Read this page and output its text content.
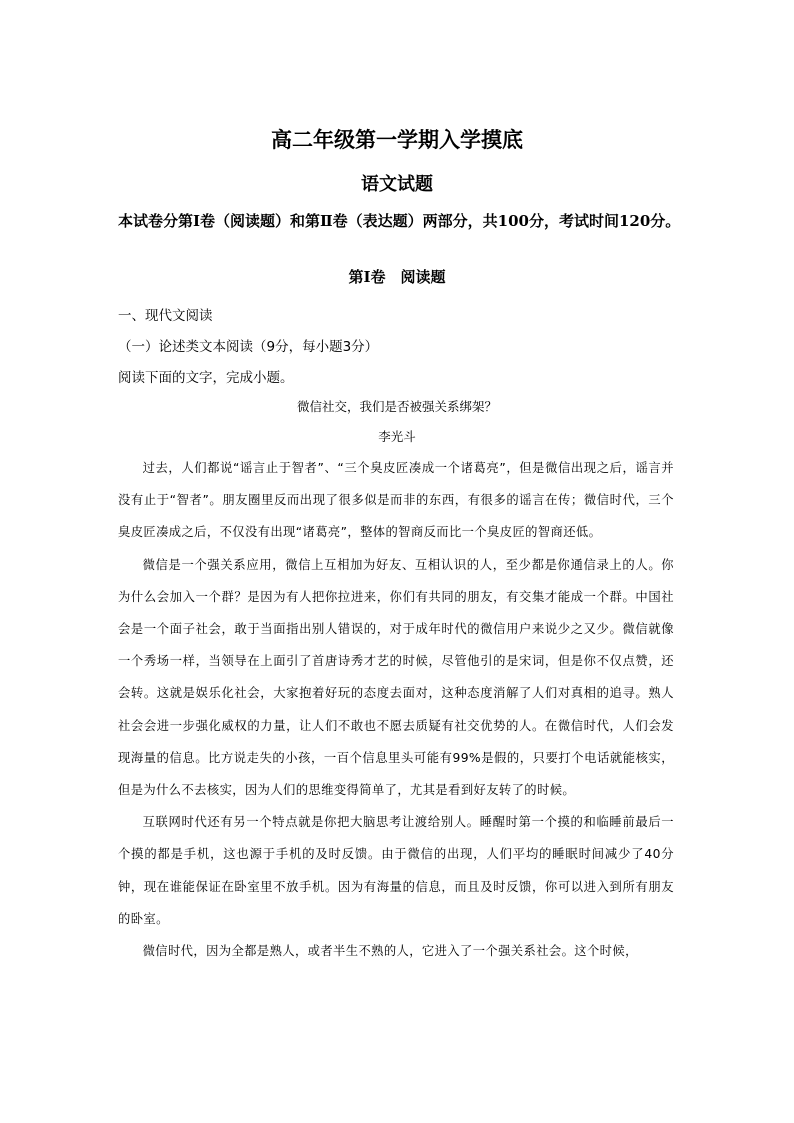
高二年级第一学期入学摸底
语文试题
本试卷分第Ⅰ卷（阅读题）和第Ⅱ卷（表达题）两部分，共100分，考试时间120分。
第Ⅰ卷　阅读题
一、现代文阅读
（一）论述类文本阅读（9分，每小题3分）
阅读下面的文字，完成小题。
微信社交，我们是否被强关系绑架？
李光斗

过去，人们都说“谣言止于智者”、“三个臭皮匠凑成一个诸葛亮”，但是微信出现之后，谣言并没有止于“智者”。朋友圈里反而出现了很多似是而非的东西，有很多的谣言在传；微信时代，三个臭皮匠凑成之后，不仅没有出现“诸葛亮”，整体的智商反而比一个臭皮匠的智商还低。

微信是一个强关系应用，微信上互相加为好友、互相认识的人，至少都是你通信录上的人。你为什么会加入一个群？是因为有人把你拉进来，你们有共同的朋友，有交集才能成一个群。中国社会是一个面子社会，敢于当面指出别人错误的，对于成年时代的微信用户来说少之又少。微信就像一个秀场一样，当领导在上面引了首唐诗秀才艺的时候，尽管他引的是宋词，但是你不仅点赞，还会转。这就是娱乐化社会，大家抱着好玩的态度去面对，这种态度消解了人们对真相的追寻。熟人社会会进一步强化威权的力量，让人们不敢也不愿去质疑有社交优势的人。在微信时代，人们会发现海量的信息。比方说走失的小孩，一百个信息里头可能有99%是假的，只要打个电话就能核实，但是为什么不去核实，因为人们的思维变得简单了，尤其是看到好友转了的时候。

互联网时代还有另一个特点就是你把大脑思考让渡给别人。睡醒时第一个摸的和临睡前最后一个摸的都是手机，这也源于手机的及时反馈。由于微信的出现，人们平均的睡眠时间减少了40分钟，现在谁能保证在卧室里不放手机。因为有海量的信息，而且及时反馈，你可以进入到所有朋友的卧室。

微信时代，因为全都是熟人，或者半生不熟的人，它进入了一个强关系社会。这个时候，
